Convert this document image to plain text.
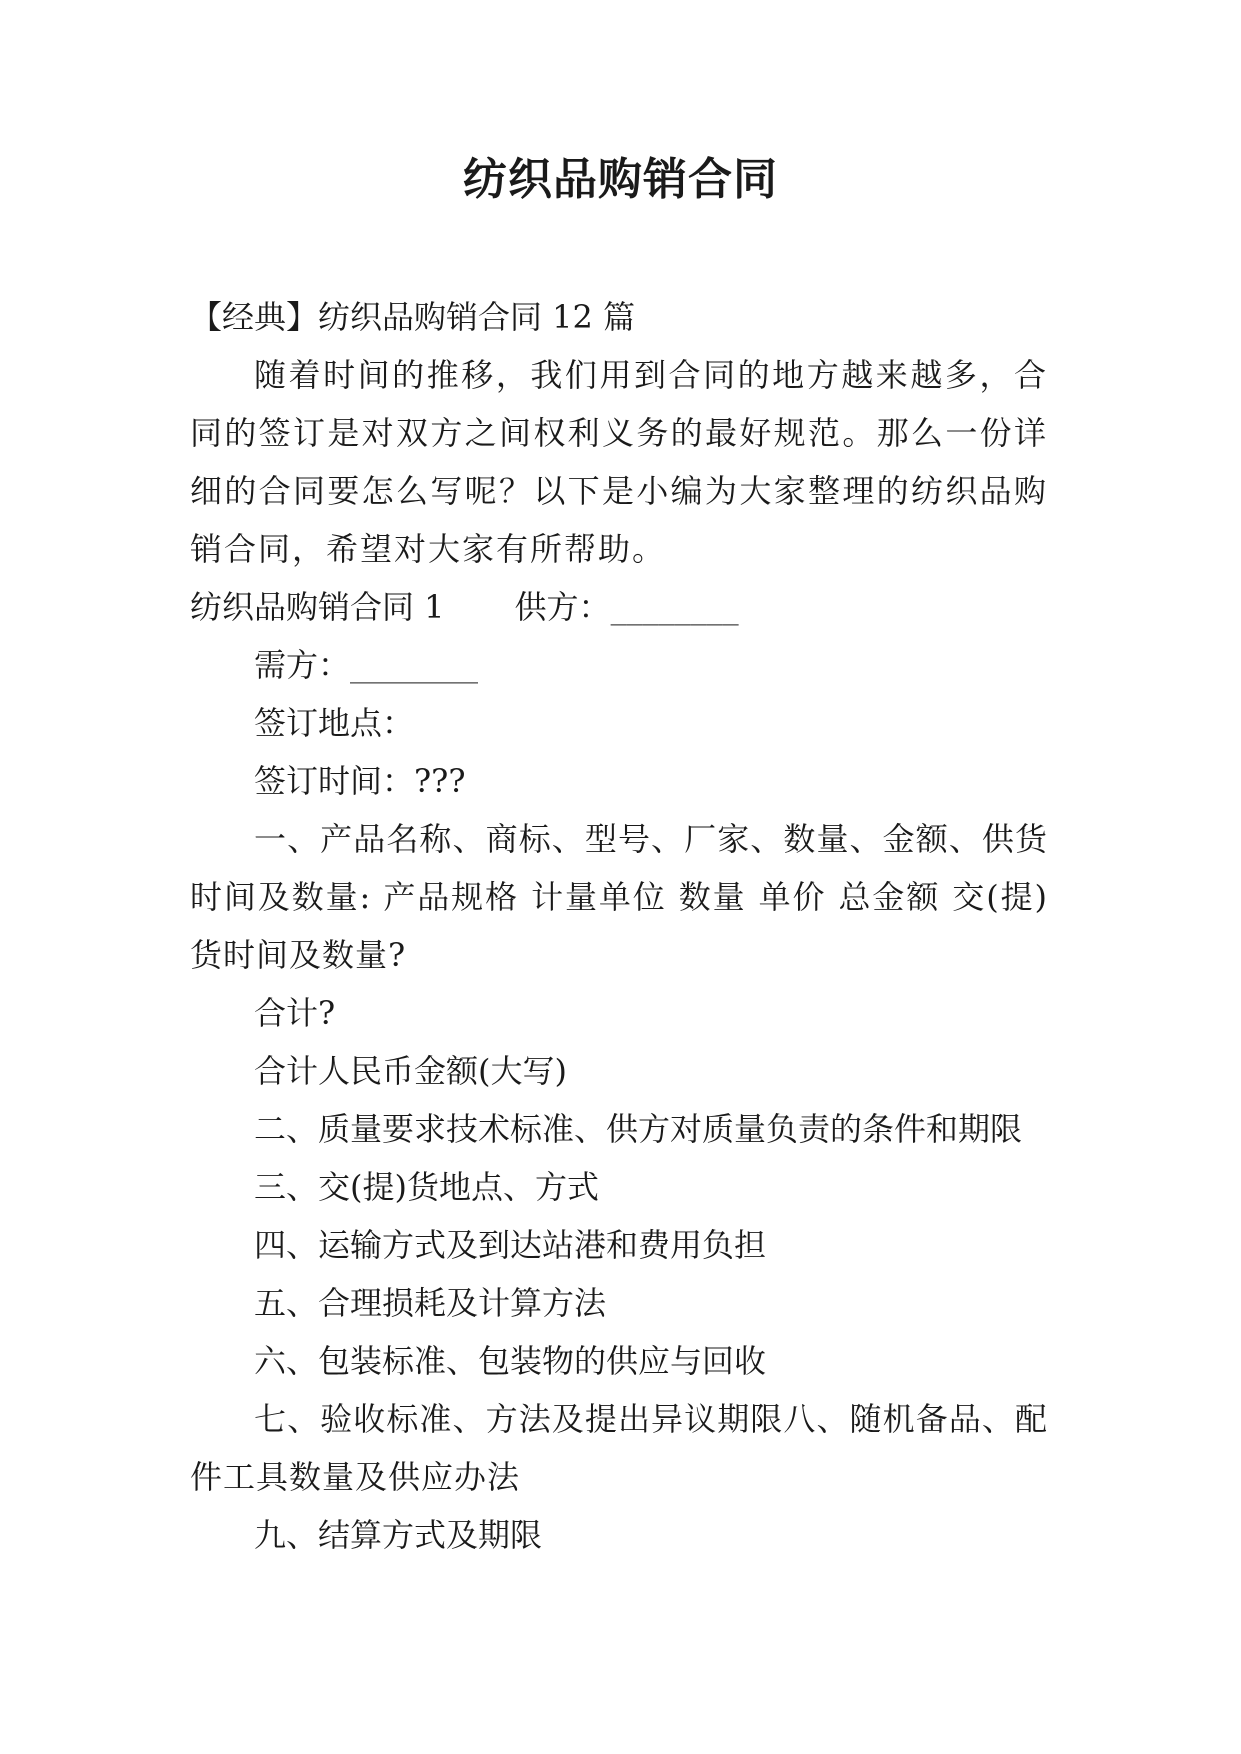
纺织品购销合同

【经典】纺织品购销合同 12 篇

随着时间的推移，我们用到合同的地方越来越多，合同的签订是对双方之间权利义务的最好规范。那么一份详细的合同要怎么写呢？以下是小编为大家整理的纺织品购销合同，希望对大家有所帮助。

纺织品购销合同 1 供方：________

需方：________

签订地点：

签订时间：???

一、产品名称、商标、型号、厂家、数量、金额、供货时间及数量: 产品规格 计量单位 数量 单价 总金额 交(提)货时间及数量?

合计?

合计人民币金额(大写)

二、质量要求技术标准、供方对质量负责的条件和期限

三、交(提)货地点、方式

四、运输方式及到达站港和费用负担

五、合理损耗及计算方法

六、包装标准、包装物的供应与回收

七、验收标准、方法及提出异议期限八、随机备品、配件工具数量及供应办法

九、结算方式及期限
